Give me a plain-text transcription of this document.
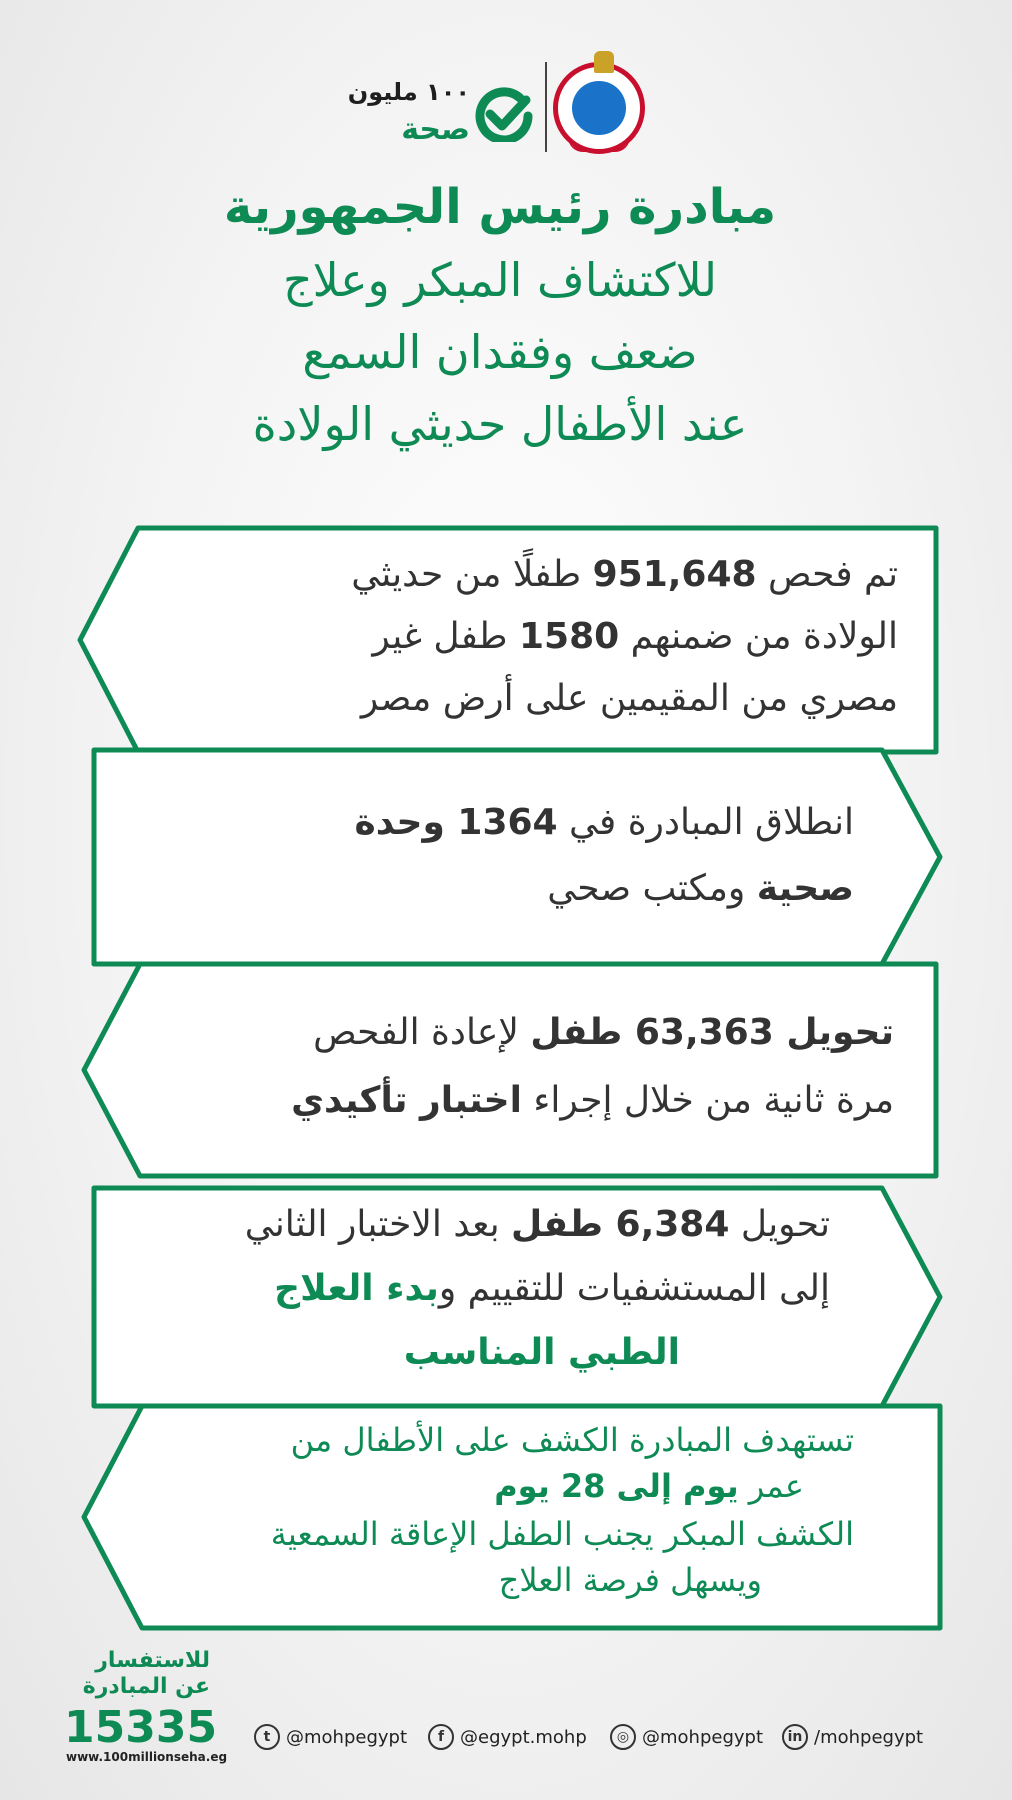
١٠٠ مليون
صحة
مبادرة رئيس الجمهورية
للاكتشاف المبكر وعلاج
ضعف وفقدان السمع
عند الأطفال حديثي الولادة
تم فحص 951,648 طفلًا من حديثي
الولادة من ضمنهم 1580 طفل غير
مصري من المقيمين على أرض مصر
انطلاق المبادرة في 1364 وحدة
صحية ومكتب صحي
تحويل 63,363 طفل لإعادة الفحص
مرة ثانية من خلال إجراء اختبار تأكيدي
تحويل 6,384 طفل بعد الاختبار الثاني
إلى المستشفيات للتقييم وبدء العلاج
الطبي المناسب
تستهدف المبادرة الكشف على الأطفال من
عمر يوم إلى 28 يوم
الكشف المبكر يجنب الطفل الإعاقة السمعية
ويسهل فرصة العلاج
للاستفسار
عن المبادرة
15335
www.100millionseha.eg
t @mohpegypt	f @egypt.mohp	◎ @mohpegypt	in /mohpegypt
